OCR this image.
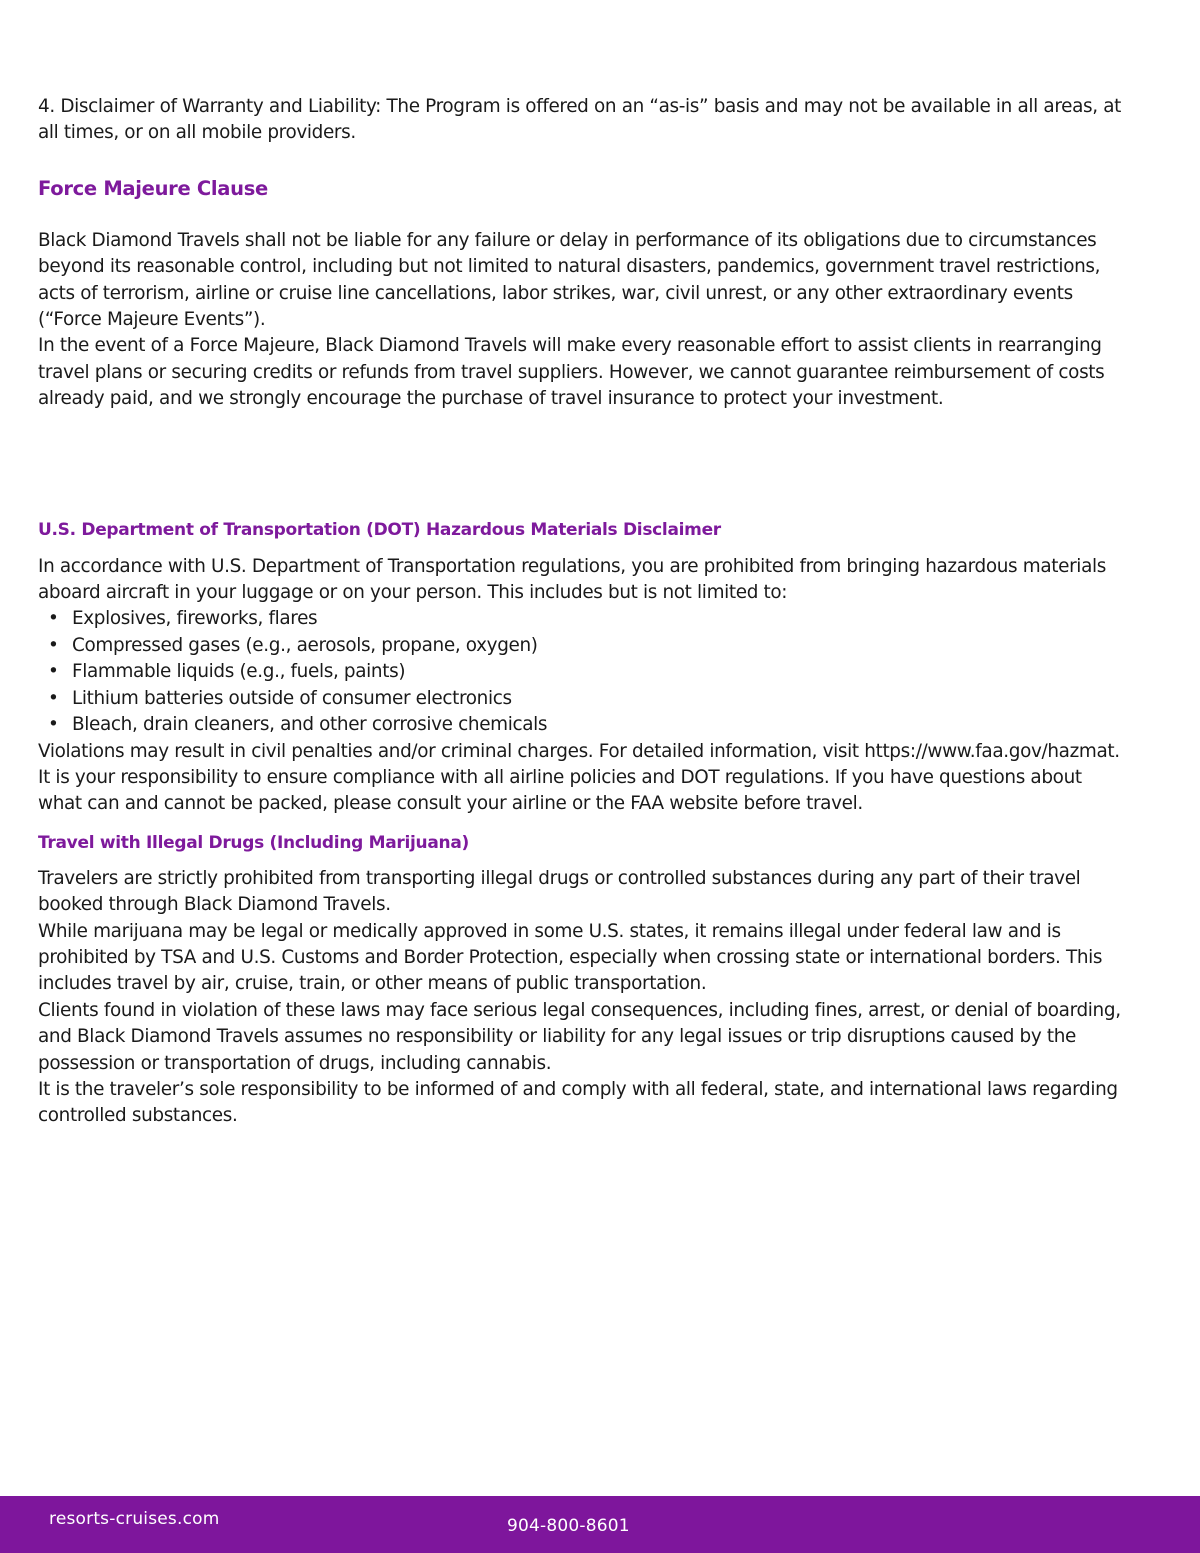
4. Disclaimer of Warranty and Liability: The Program is offered on an “as-is” basis and may not be available in all areas, at all times, or on all mobile providers.

Force Majeure Clause

Black Diamond Travels shall not be liable for any failure or delay in performance of its obligations due to circumstances beyond its reasonable control, including but not limited to natural disasters, pandemics, government travel restrictions, acts of terrorism, airline or cruise line cancellations, labor strikes, war, civil unrest, or any other extraordinary events (“Force Majeure Events”).

In the event of a Force Majeure, Black Diamond Travels will make every reasonable effort to assist clients in rearranging travel plans or securing credits or refunds from travel suppliers. However, we cannot guarantee reimbursement of costs already paid, and we strongly encourage the purchase of travel insurance to protect your investment.

U.S. Department of Transportation (DOT) Hazardous Materials Disclaimer

In accordance with U.S. Department of Transportation regulations, you are prohibited from bringing hazardous materials aboard aircraft in your luggage or on your person. This includes but is not limited to:

• Explosives, fireworks, flares
• Compressed gases (e.g., aerosols, propane, oxygen)
• Flammable liquids (e.g., fuels, paints)
• Lithium batteries outside of consumer electronics
• Bleach, drain cleaners, and other corrosive chemicals

Violations may result in civil penalties and/or criminal charges. For detailed information, visit https://www.faa.gov/hazmat.

It is your responsibility to ensure compliance with all airline policies and DOT regulations. If you have questions about what can and cannot be packed, please consult your airline or the FAA website before travel.

Travel with Illegal Drugs (Including Marijuana)

Travelers are strictly prohibited from transporting illegal drugs or controlled substances during any part of their travel booked through Black Diamond Travels.

While marijuana may be legal or medically approved in some U.S. states, it remains illegal under federal law and is prohibited by TSA and U.S. Customs and Border Protection, especially when crossing state or international borders. This includes travel by air, cruise, train, or other means of public transportation.

Clients found in violation of these laws may face serious legal consequences, including fines, arrest, or denial of boarding, and Black Diamond Travels assumes no responsibility or liability for any legal issues or trip disruptions caused by the possession or transportation of drugs, including cannabis.

It is the traveler’s sole responsibility to be informed of and comply with all federal, state, and international laws regarding controlled substances.

resorts-cruises.com	904-800-8601
